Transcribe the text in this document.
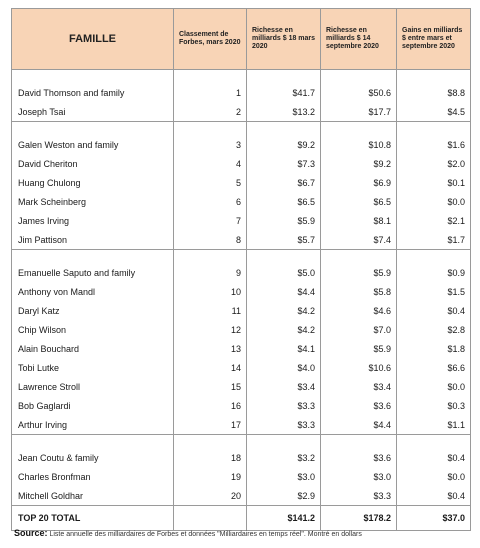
FAMILLE	Classement de Forbes, mars 2020	Richesse en milliards $ 18 mars 2020	Richesse en milliards $ 14 septembre 2020	Gains en milliards $ entre mars et septembre 2020

David Thomson and family	1	$41.7	$50.6	$8.8
Joseph Tsai	2	$13.2	$17.7	$4.5

Galen Weston and family	3	$9.2	$10.8	$1.6
David Cheriton	4	$7.3	$9.2	$2.0
Huang Chulong	5	$6.7	$6.9	$0.1
Mark Scheinberg	6	$6.5	$6.5	$0.0
James Irving	7	$5.9	$8.1	$2.1
Jim Pattison	8	$5.7	$7.4	$1.7

Emanuelle Saputo and family	9	$5.0	$5.9	$0.9
Anthony von Mandl	10	$4.4	$5.8	$1.5
Daryl Katz	11	$4.2	$4.6	$0.4
Chip Wilson	12	$4.2	$7.0	$2.8
Alain Bouchard	13	$4.1	$5.9	$1.8
Tobi Lutke	14	$4.0	$10.6	$6.6
Lawrence Stroll	15	$3.4	$3.4	$0.0
Bob Gaglardi	16	$3.3	$3.6	$0.3
Arthur Irving	17	$3.3	$4.4	$1.1

Jean Coutu & family	18	$3.2	$3.6	$0.4
Charles Bronfman	19	$3.0	$3.0	$0.0
Mitchell Goldhar	20	$2.9	$3.3	$0.4
TOP 20 TOTAL		$141.2	$178.2	$37.0
Source: Liste annuelle des milliardaires de Forbes et données "Milliardaires en temps réel". Montré en dollars
